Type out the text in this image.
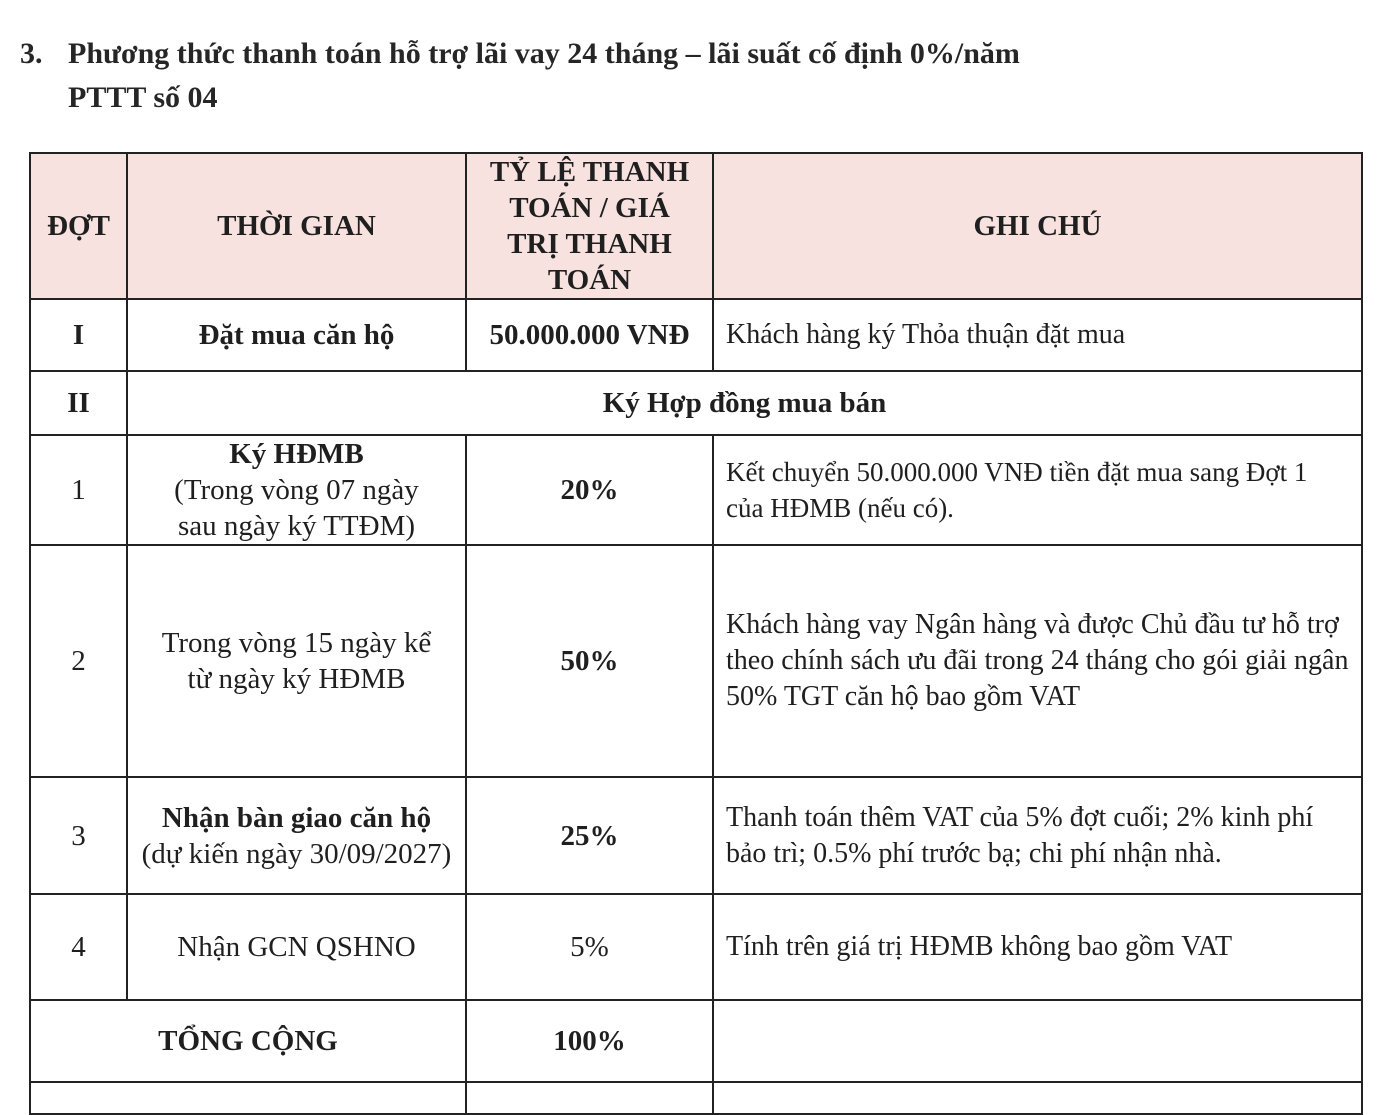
3. Phương thức thanh toán hỗ trợ lãi vay 24 tháng – lãi suất cố định 0%/năm
PTTT số 04
ĐỢT	THỜI GIAN	TỶ LỆ THANH
TOÁN / GIÁ
TRỊ THANH
TOÁN	GHI CHÚ
I	Đặt mua căn hộ	50.000.000 VNĐ	Khách hàng ký Thỏa thuận đặt mua
II	Ký Hợp đồng mua bán		
1	Ký HĐMB
(Trong vòng 07 ngày
sau ngày ký TTĐM)	20%	Kết chuyển 50.000.000 VNĐ tiền đặt mua sang Đợt 1 của HĐMB (nếu có).
2	Trong vòng 15 ngày kể
từ ngày ký HĐMB	50%	Khách hàng vay Ngân hàng và được Chủ đầu tư hỗ trợ theo chính sách ưu đãi trong 24 tháng cho gói giải ngân 50% TGT căn hộ bao gồm VAT
3	Nhận bàn giao căn hộ
(dự kiến ngày 30/09/2027)	25%	Thanh toán thêm VAT của 5% đợt cuối; 2% kinh phí bảo trì; 0.5% phí trước bạ; chi phí nhận nhà.
4	Nhận GCN QSHNO	5%	Tính trên giá trị HĐMB không bao gồm VAT
TỔNG CỘNG		100%	
